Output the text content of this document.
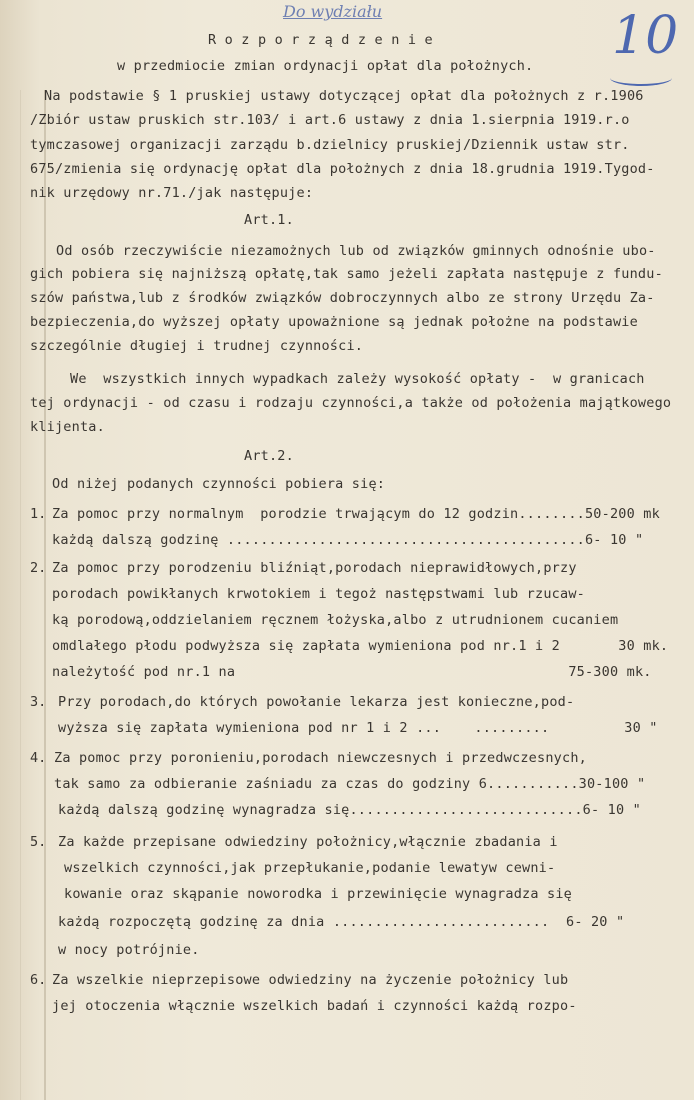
Do wydziału	10
R o z p o r z ą d z e n i e
w przedmiocie zmian ordynacji opłat dla położnych.
Na podstawie § 1 pruskiej ustawy dotyczącej opłat dla położnych z r.1906
/Zbiór ustaw pruskich str.103/ i art.6 ustawy z dnia 1.sierpnia 1919.r.o
tymczasowej organizacji zarządu b.dzielnicy pruskiej/Dziennik ustaw str.
675/zmienia się ordynację opłat dla położnych z dnia 18.grudnia 1919.Tygod-
nik urzędowy nr.71./jak następuje:
Art.1.
Od osób rzeczywiście niezamożnych lub od związków gminnych odnośnie ubo-
gich pobiera się najniższą opłatę,tak samo jeżeli zapłata następuje z fundu-
szów państwa,lub z środków związków dobroczynnych albo ze strony Urzędu Za-
bezpieczenia,do wyższej opłaty upoważnione są jednak położne na podstawie
szczególnie długiej i trudnej czynności.
We  wszystkich innych wypadkach zależy wysokość opłaty -  w granicach
tej ordynacji - od czasu i rodzaju czynności,a także od położenia majątkowego
klijenta.
Art.2.
Od niżej podanych czynności pobiera się:
1. Za pomoc przy normalnym  porodzie trwającym do 12 godzin........50-200 mk
każdą dalszą godzinę ...........................................6- 10 "
2. Za pomoc przy porodzeniu bliźniąt,porodach nieprawidłowych,przy
porodach powikłanych krwotokiem i tegoż następstwami lub rzucaw-
ką porodową,oddzielaniem ręcznem łożyska,albo z utrudnionem cucaniem
omdlałego płodu podwyższa się zapłata wymieniona pod nr.1 i 2       30 mk.
należytość pod nr.1 na                                        75-300 mk.
3. Przy porodach,do których powołanie lekarza jest konieczne,pod-
wyższa się zapłata wymieniona pod nr 1 i 2 ...    .........         30 "
4. Za pomoc przy poronieniu,porodach niewczesnych i przedwczesnych,
tak samo za odbieranie zaśniadu za czas do godziny 6...........30-100 "
każdą dalszą godzinę wynagradza się............................6- 10 "
5. Za każde przepisane odwiedziny położnicy,włącznie zbadania i
wszelkich czynności,jak przepłukanie,podanie lewatyw cewni-
kowanie oraz skąpanie noworodka i przewinięcie wynagradza się
każdą rozpoczętą godzinę za dnia ..........................  6- 20 "
w nocy potrójnie.
6. Za wszelkie nieprzepisowe odwiedziny na życzenie położnicy lub
jej otoczenia włącznie wszelkich badań i czynności każdą rozpo-
